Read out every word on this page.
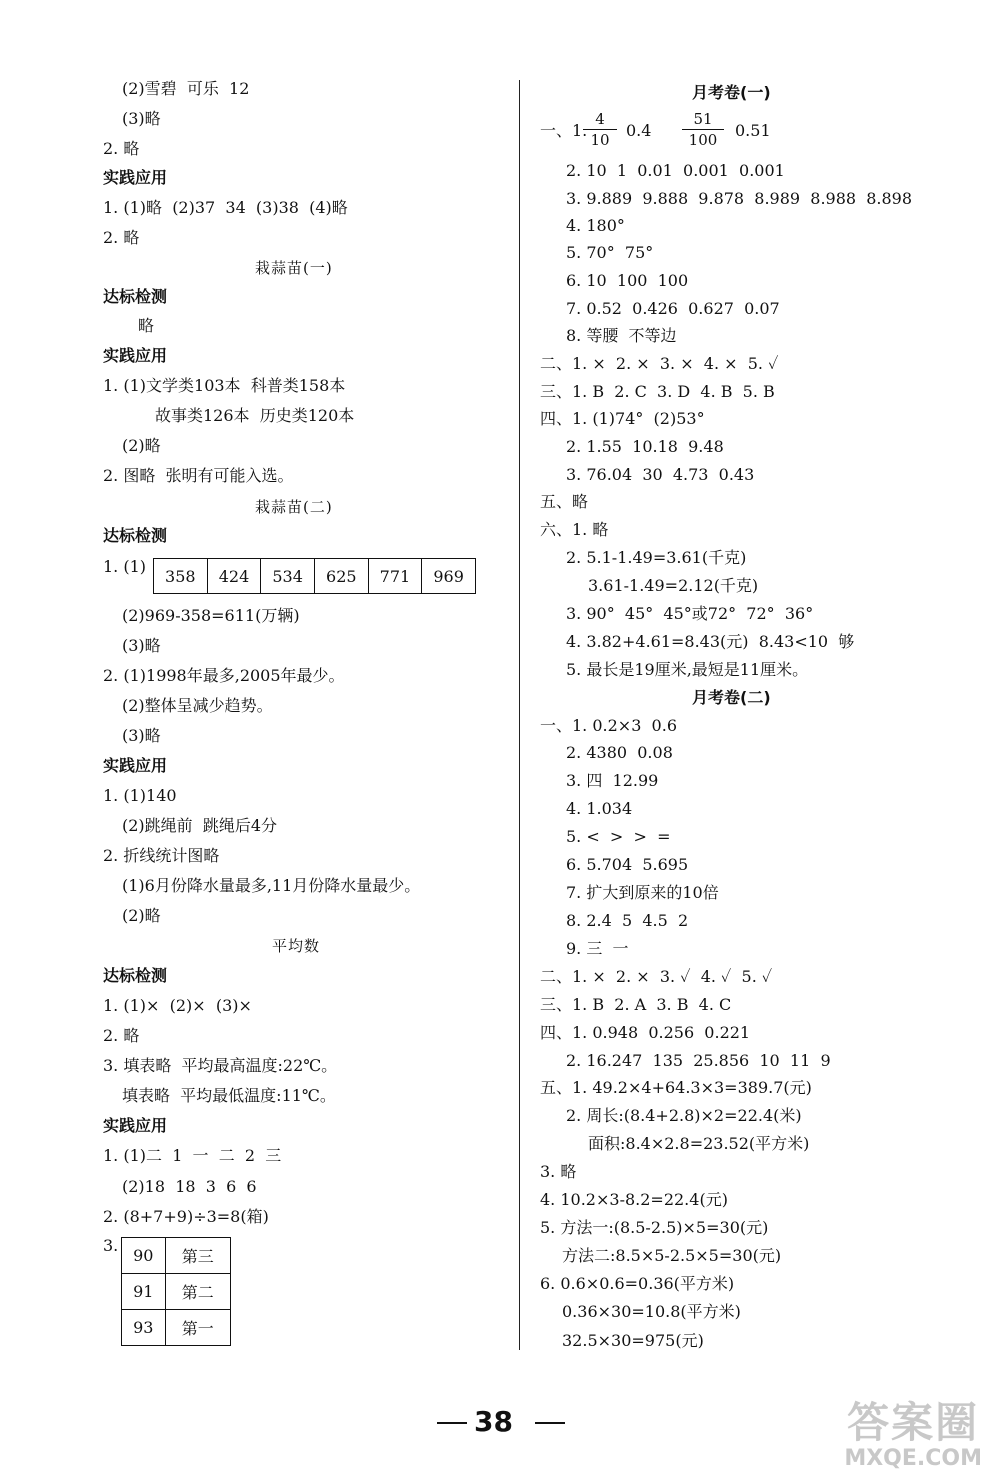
(2)雪碧  可乐  12
(3)略
2. 略
实践应用
1. (1)略  (2)37  34  (3)38  (4)略
2. 略
栽蒜苗(一)
达标检测
略
实践应用
1. (1)文学类103本  科普类158本
故事类126本  历史类120本
(2)略
2. 图略  张明有可能入选。
栽蒜苗(二)
达标检测
1. (1) 358	424	534	625	771	969
(2)969-358=611(万辆)
(3)略
2. (1)1998年最多,2005年最少。
(2)整体呈减少趋势。
(3)略
实践应用
1. (1)140
(2)跳绳前  跳绳后4分
2. 折线统计图略
(1)6月份降水量最多,11月份降水量最少。
(2)略
平均数
达标检测
1. (1)×  (2)×  (3)×
2. 略
3. 填表略  平均最高温度:22℃。
填表略  平均最低温度:11℃。
实践应用
1. (1)二  1  一  二  2  三
(2)18  18  3  6  6
2. (8+7+9)÷3=8(箱)
3.
90	第三
91	第二
93	第一
月考卷(一)
一、1.
4
10	0.4
51
100	0.51
2. 10  1  0.01  0.001  0.001
3. 9.889  9.888  9.878  8.989  8.988  8.898
4. 180°
5. 70°  75°
6. 10  100  100
7. 0.52  0.426  0.627  0.07
8. 等腰  不等边
二、1. ×  2. ×  3. ×  4. ×  5. ✓
三、1. B  2. C  3. D  4. B  5. B
四、1. (1)74°  (2)53°
2. 1.55  10.18  9.48
3. 76.04  30  4.73  0.43
五、略
六、1. 略
2. 5.1-1.49=3.61(千克)
3.61-1.49=2.12(千克)
3. 90°  45°  45°或72°  72°  36°
4. 3.82+4.61=8.43(元)  8.43<10  够
5. 最长是19厘米,最短是11厘米。
月考卷(二)
一、1. 0.2×3  0.6
2. 4380  0.08
3. 四  12.99
4. 1.034
5. <  >  >  =
6. 5.704  5.695
7. 扩大到原来的10倍
8. 2.4  5  4.5  2
9. 三  一
二、1. ×  2. ×  3. ✓  4. ✓  5. ✓
三、1. B  2. A  3. B  4. C
四、1. 0.948  0.256  0.221
2. 16.247  135  25.856  10  11  9
五、1. 49.2×4+64.3×3=389.7(元)
2. 周长:(8.4+2.8)×2=22.4(米)
面积:8.4×2.8=23.52(平方米)
3. 略
4. 10.2×3-8.2=22.4(元)
5. 方法一:(8.5-2.5)×5=30(元)
方法二:8.5×5-2.5×5=30(元)
6. 0.6×0.6=0.36(平方米)
0.36×30=10.8(平方米)
32.5×30=975(元)
38	答案圈
MXQE.COM
